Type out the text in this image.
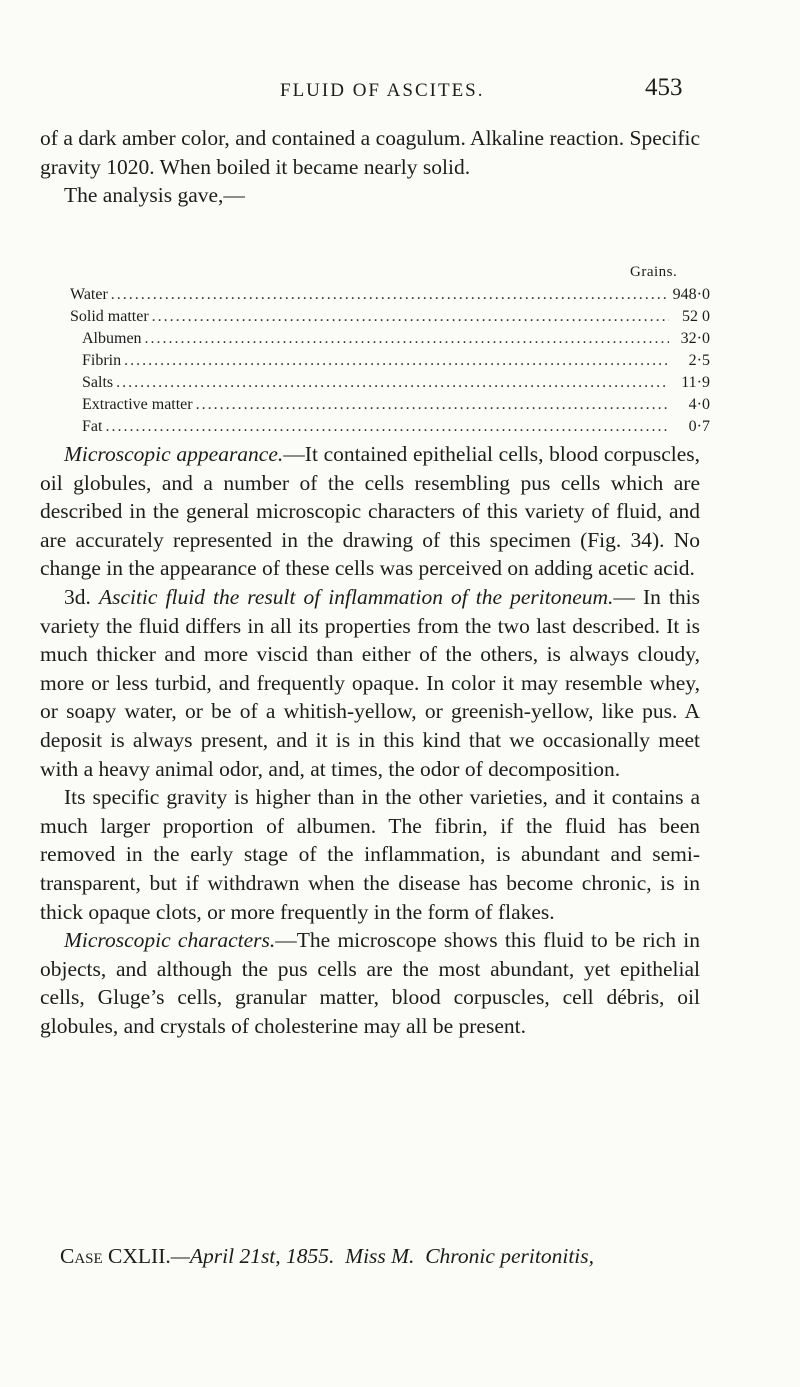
FLUID OF ASCITES.	453

of a dark amber color, and contained a coagulum. Alkaline reaction. Specific gravity 1020. When boiled it became nearly solid.

The analysis gave,—

Grains.
Water .....	948·0
Solid matter .....	52 0
Albumen .....	32·0
Fibrin .....	2·5
Salts .....	11·9
Extractive matter .....	4·0
Fat .....	0·7

Microscopic appearance.—It contained epithelial cells, blood corpuscles, oil globules, and a number of the cells resembling pus cells which are described in the general microscopic characters of this variety of fluid, and are accurately represented in the drawing of this specimen (Fig. 34). No change in the appearance of these cells was perceived on adding acetic acid.

3d. Ascitic fluid the result of inflammation of the peritoneum.— In this variety the fluid differs in all its properties from the two last described. It is much thicker and more viscid than either of the others, is always cloudy, more or less turbid, and frequently opaque. In color it may resemble whey, or soapy water, or be of a whitish-yellow, or greenish-yellow, like pus. A deposit is always present, and it is in this kind that we occasionally meet with a heavy animal odor, and, at times, the odor of decomposition.

Its specific gravity is higher than in the other varieties, and it contains a much larger proportion of albumen. The fibrin, if the fluid has been removed in the early stage of the inflammation, is abundant and semi-transparent, but if withdrawn when the disease has become chronic, is in thick opaque clots, or more frequently in the form of flakes.

Microscopic characters.—The microscope shows this fluid to be rich in objects, and although the pus cells are the most abundant, yet epithelial cells, Gluge’s cells, granular matter, blood corpuscles, cell débris, oil globules, and crystals of cholesterine may all be present.

Case CXLII.—April 21st, 1855. Miss M. Chronic peritonitis,
